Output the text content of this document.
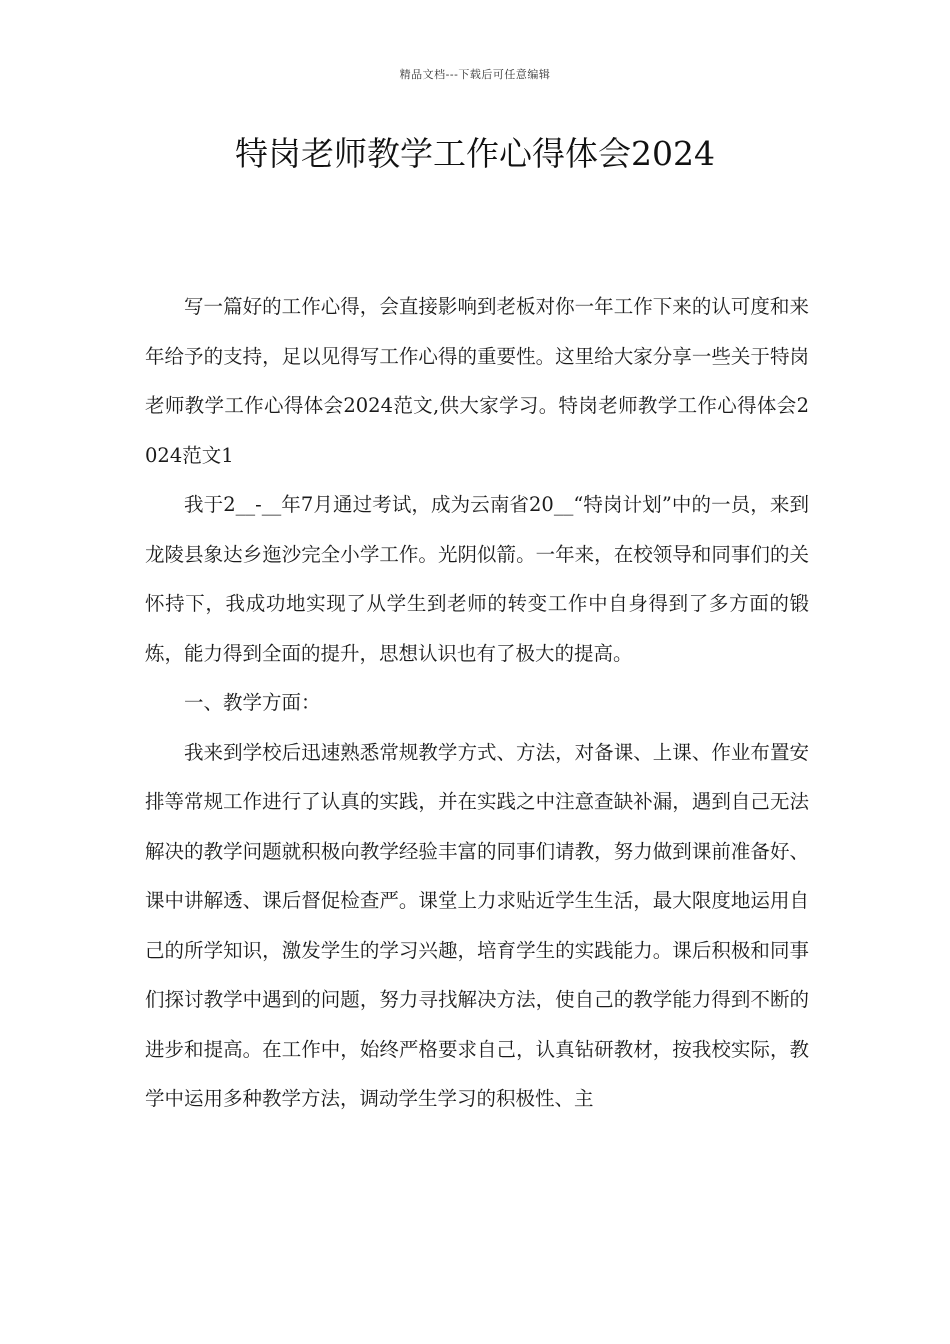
精品文档---下载后可任意编辑
特岗老师教学工作心得体会2024

写一篇好的工作心得，会直接影响到老板对你一年工作下来的认可度和来年给予的支持，足以见得写工作心得的重要性。这里给大家分享一些关于特岗老师教学工作心得体会2024范文,供大家学习。特岗老师教学工作心得体会2024范文1

我于2__-__年7月通过考试，成为云南省20__“特岗计划”中的一员，来到龙陵县象达乡迤沙完全小学工作。光阴似箭。一年来，在校领导和同事们的关怀持下，我成功地实现了从学生到老师的转变工作中自身得到了多方面的锻炼，能力得到全面的提升，思想认识也有了极大的提高。

一、教学方面：

我来到学校后迅速熟悉常规教学方式、方法，对备课、上课、作业布置安排等常规工作进行了认真的实践，并在实践之中注意查缺补漏，遇到自己无法解决的教学问题就积极向教学经验丰富的同事们请教，努力做到课前准备好、课中讲解透、课后督促检查严。课堂上力求贴近学生生活，最大限度地运用自己的所学知识，激发学生的学习兴趣，培育学生的实践能力。课后积极和同事们探讨教学中遇到的问题，努力寻找解决方法，使自己的教学能力得到不断的进步和提高。在工作中，始终严格要求自己，认真钻研教材，按我校实际，教学中运用多种教学方法，调动学生学习的积极性、主
